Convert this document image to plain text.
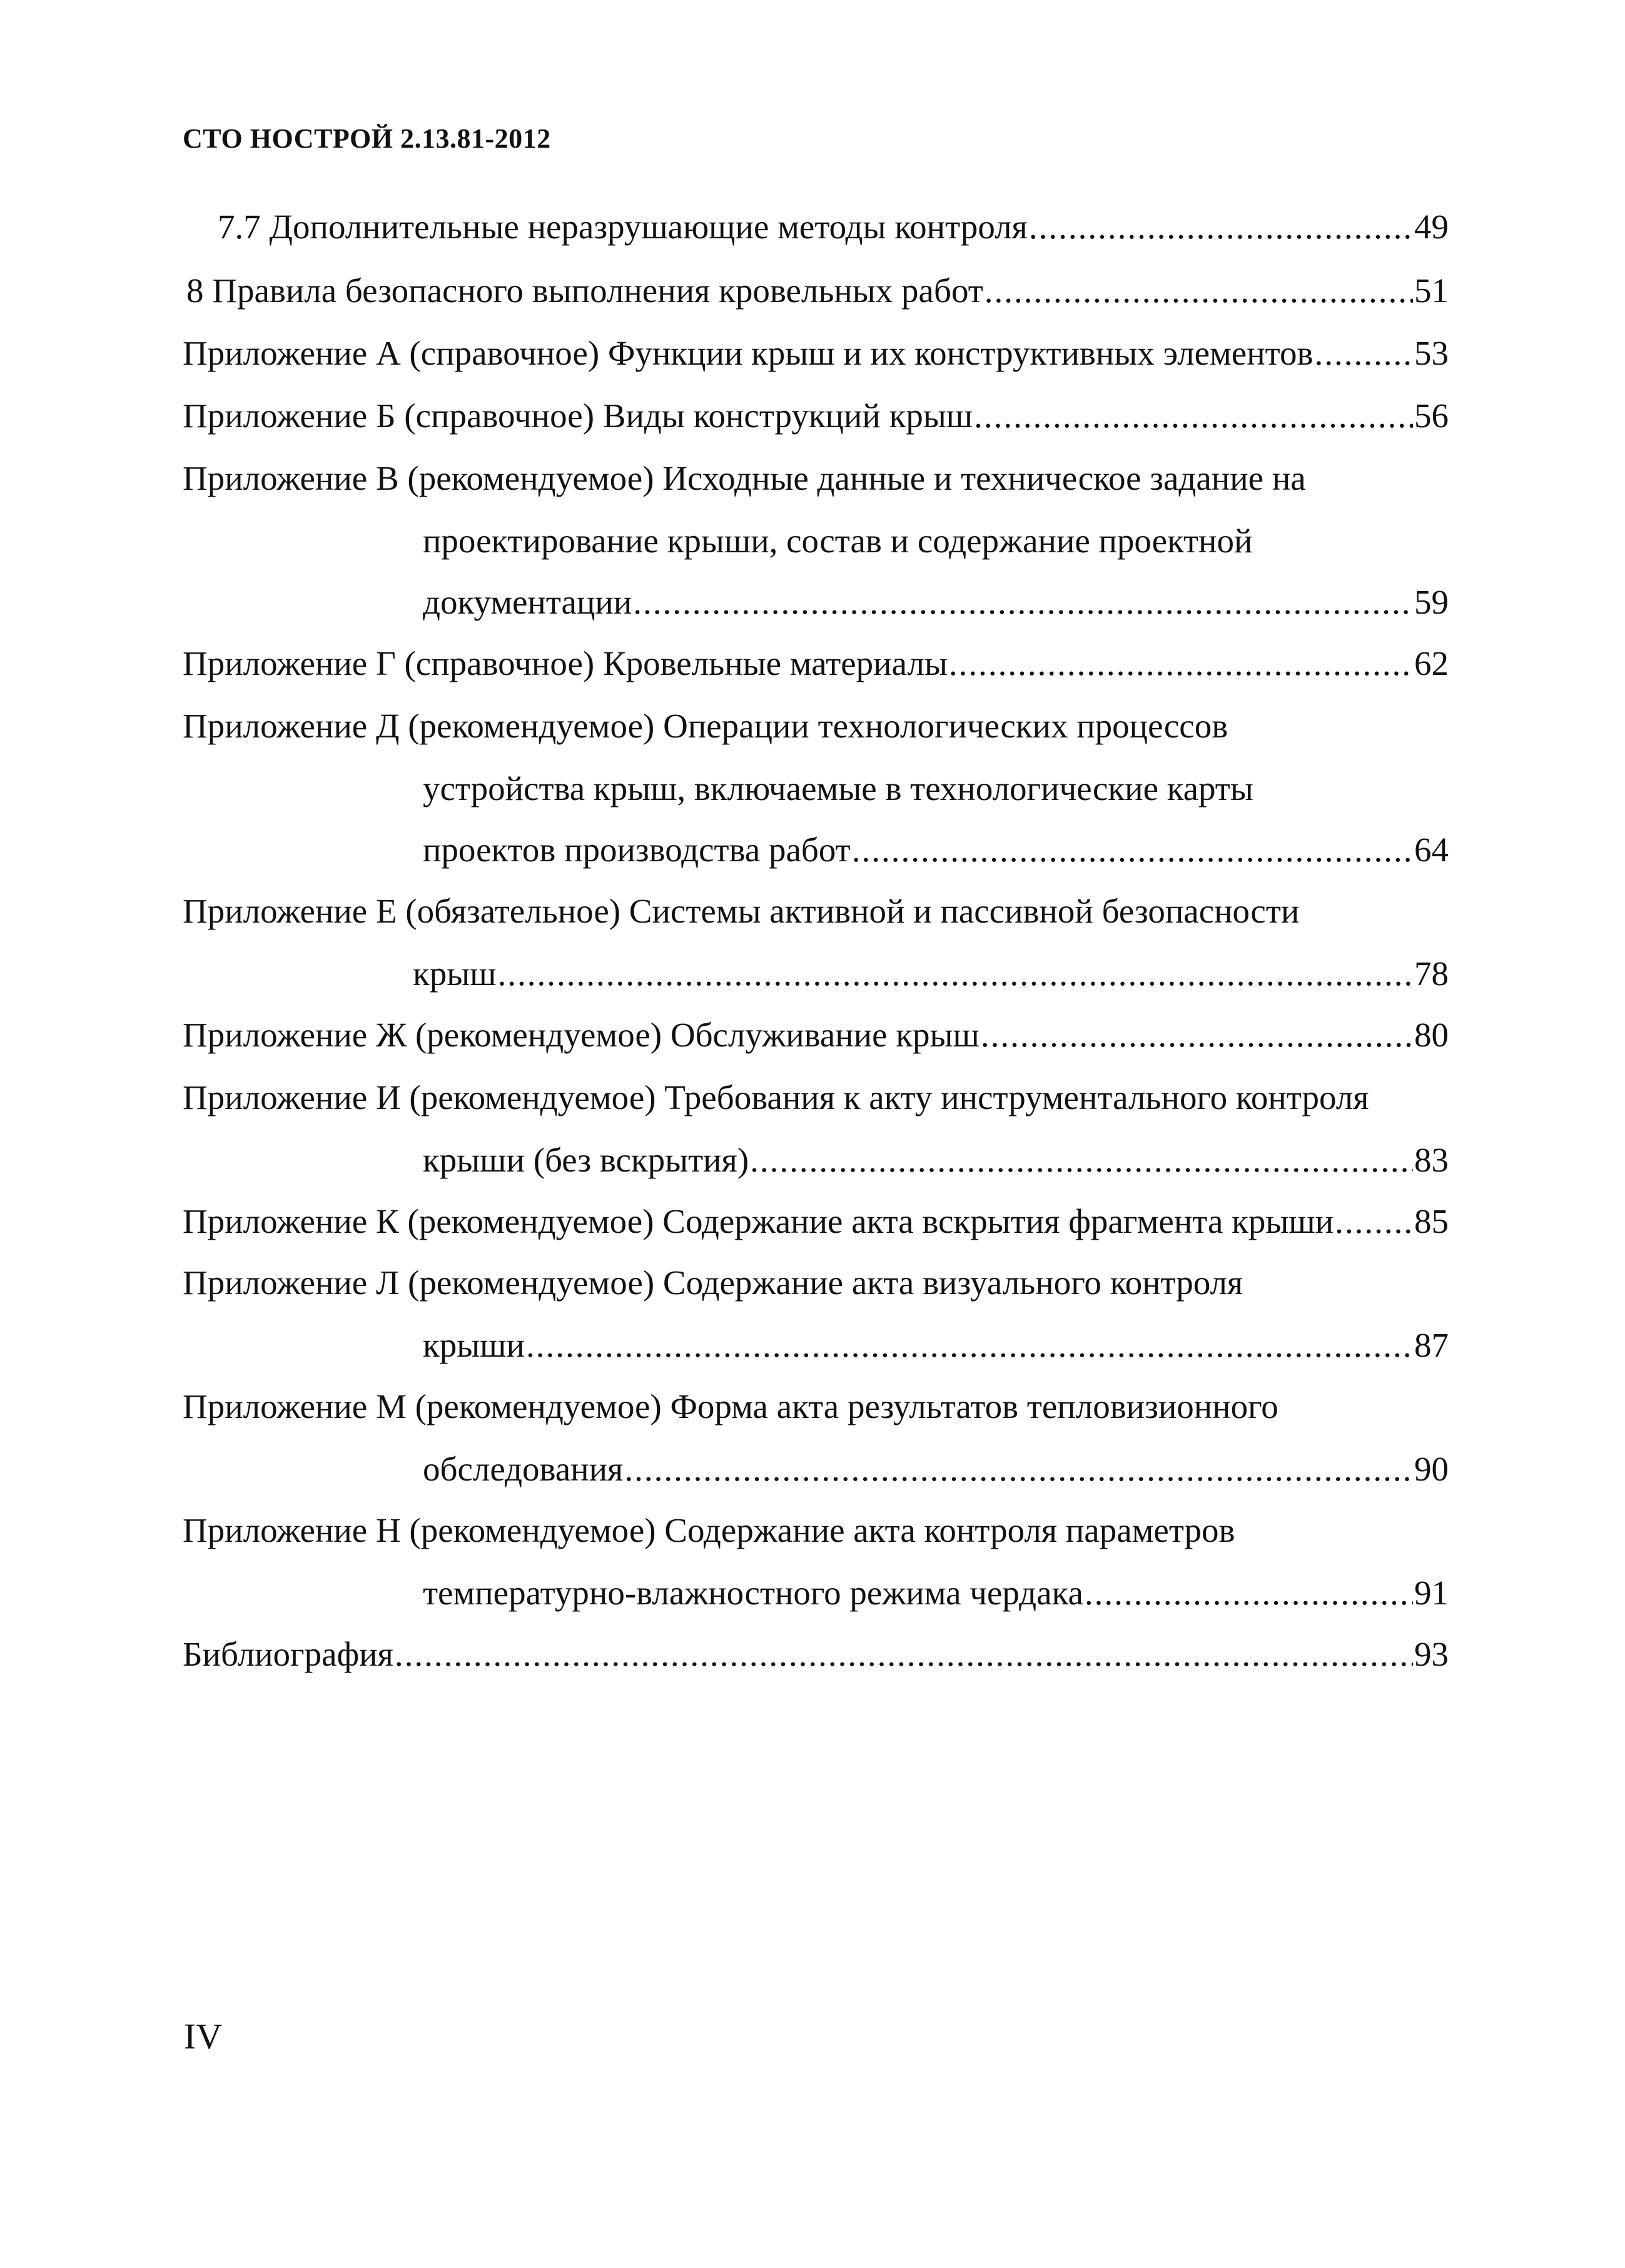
СТО НОСТРОЙ 2.13.81-2012
7.7 Дополнительные неразрушающие методы контроля .....	49
8 Правила безопасного выполнения кровельных работ .....	51
Приложение А (справочное) Функции крыш и их конструктивных элементов .....	53
Приложение Б (справочное) Виды конструкций крыш .....	56
Приложение В (рекомендуемое) Исходные данные и техническое задание на
проектирование крыши, состав и содержание проектной
документации .....	59
Приложение Г (справочное) Кровельные материалы .....	62
Приложение Д (рекомендуемое) Операции технологических процессов
устройства крыш, включаемые в технологические карты
проектов производства работ .....	64
Приложение Е (обязательное) Системы активной и пассивной безопасности
крыш .....	78
Приложение Ж (рекомендуемое) Обслуживание крыш .....	80
Приложение И (рекомендуемое) Требования к акту инструментального контроля
крыши (без вскрытия) .....	83
Приложение К (рекомендуемое) Содержание акта вскрытия фрагмента крыши ..... 85
Приложение Л (рекомендуемое) Содержание акта визуального контроля
крыши .....	87
Приложение М (рекомендуемое) Форма акта результатов тепловизионного
обследования .....	90
Приложение Н (рекомендуемое) Содержание акта контроля параметров
температурно-влажностного режима чердака .....	91
Библиография .....	93
IV
